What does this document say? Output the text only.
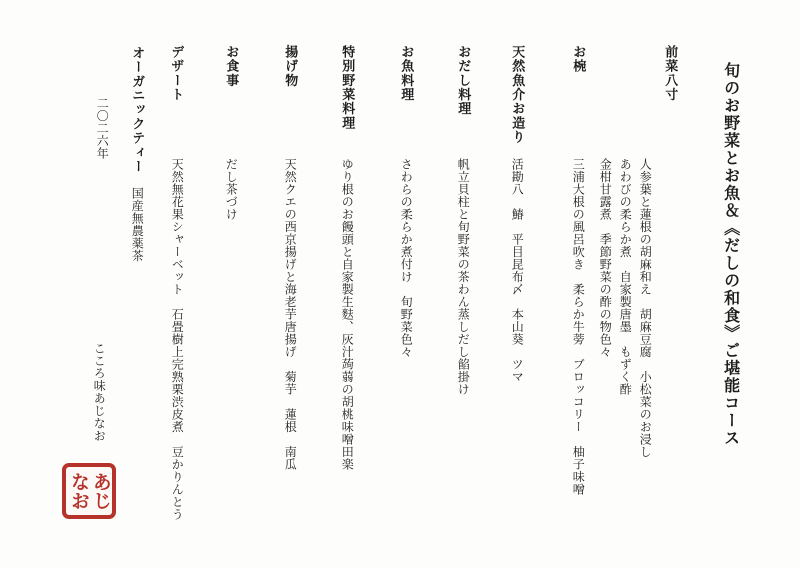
旬のお野菜とお魚＆《だしの和食》ご堪能コース
前菜八寸
人参葉と蓮根の胡麻和え　胡麻豆腐　小松菜のお浸し
あわびの柔らか煮　自家製唐墨　もずく酢
金柑甘露煮　季節野菜の酢の物色々
お椀
三浦大根の風呂吹き　柔らか牛蒡　ブロッコリー　柚子味噌
天然魚介お造り
活勘八　鰆　平目昆布〆　本山葵　ツマ
おだし料理
帆立貝柱と旬野菜の茶わん蒸しだし餡掛け
お魚料理
さわらの柔らか煮付け　旬野菜色々
特別野菜料理
ゆり根のお饅頭と自家製生麩、灰汁蒟蒻の胡桃味噌田楽
揚げ物
天然クエの西京揚げと海老芋唐揚げ　菊芋　蓮根　南瓜
お食事
だし茶づけ
デザート
天然無花果シャーベット　石畳樹上完熟栗渋皮煮　豆かりんとう
オーガニックティー
国産無農薬茶
二〇二六年
こころ味あじなお
あじ
なお
